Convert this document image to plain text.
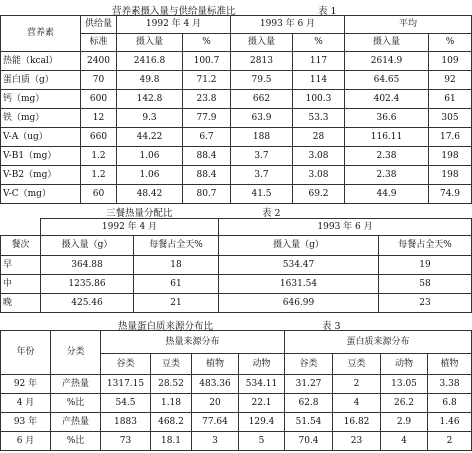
营养素摄入量与供给量标准比	表 1
营养素	供给量	1992 年 4 月		1993 年 6 月		平均	
	标准	摄入量	%	摄入量	%	摄入量	%
热能（kcal）	2400	2416.8	100.7	2813	117	2614.9	109
蛋白质（g）	70	49.8	71.2	79.5	114	64.65	92
钙（mg）	600	142.8	23.8	662	100.3	402.4	61
铁（mg）	12	9.3	77.9	63.9	53.3	36.6	305
V-A（ug）	660	44.22	6.7	188	28	116.11	17.6
V-B1（mg）	1.2	1.06	88.4	3.7	3.08	2.38	198
V-B2（mg）	1.2	1.06	88.4	3.7	3.08	2.38	198
V-C（mg）	60	48.42	80.7	41.5	69.2	44.9	74.9
三餐热量分配比	表 2
	1992 年 4 月		1993 年 6 月	
餐次	摄入量（g）	每餐占全天%	摄入量（g）	每餐占全天%
早	364.88	18	534.47	19
中	1235.86	61	1631.54	58
晚	425.46	21	646.99	23
热量蛋白质来源分布比	表 3
年份	分类	热量来源分布				蛋白质来源分布			
		谷类	豆类	植物	动物	谷类	豆类	动物	植物
92 年	产热量	1317.15	28.52	483.36	534.11	31.27	2	13.05	3.38
4 月	%比	54.5	1.18	20	22.1	62.8	4	26.2	6.8
93 年	产热量	1883	468.2	77.64	129.4	51.54	16.82	2.9	1.46
6 月	%比	73	18.1	3	5	70.4	23	4	2
